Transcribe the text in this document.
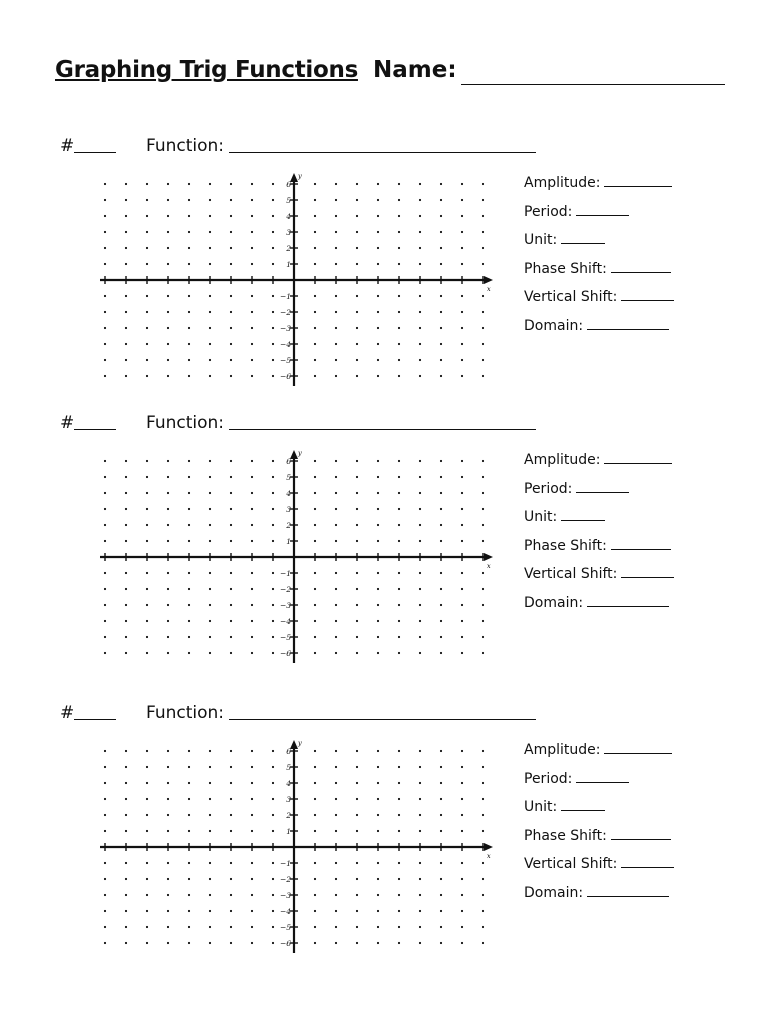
Graphing Trig Functions Name:
#	Function:
Amplitude:
Period:
Unit:
Phase Shift:
Vertical Shift:
Domain:
6
5
4
3
2
1
−1
−2
−3
−4
−5
−6
y
x
#	Function:
Amplitude:
Period:
Unit:
Phase Shift:
Vertical Shift:
Domain:
6
5
4
3
2
1
−1
−2
−3
−4
−5
−6
y
x
#	Function:
Amplitude:
Period:
Unit:
Phase Shift:
Vertical Shift:
Domain:
6
5
4
3
2
1
−1
−2
−3
−4
−5
−6
y
x
